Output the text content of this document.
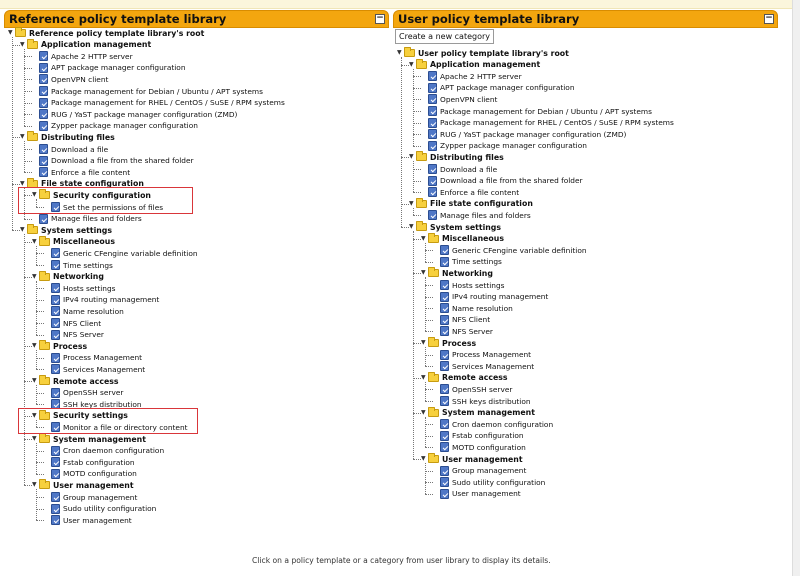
Reference policy template library	−
▼ Reference policy template library's root
▼ Application management
Apache 2 HTTP server
APT package manager configuration
OpenVPN client
Package management for Debian / Ubuntu / APT systems
Package management for RHEL / CentOS / SuSE / RPM systems
RUG / YaST package manager configuration (ZMD)
Zypper package manager configuration
▼ Distributing files
Download a file
Download a file from the shared folder
Enforce a file content
▼ File state configuration
▼ Security configuration
Set the permissions of files
Manage files and folders
▼ System settings
▼ Miscellaneous
Generic CFengine variable definition
Time settings
▼ Networking
Hosts settings
IPv4 routing management
Name resolution
NFS Client
NFS Server
▼ Process
Process Management
Services Management
▼ Remote access
OpenSSH server
SSH keys distribution
▼ Security settings
Monitor a file or directory content
▼ System management
Cron daemon configuration
Fstab configuration
MOTD configuration
▼ User management
Group management
Sudo utility configuration
User management
User policy template library	−
Create a new category
▼ User policy template library's root
▼ Application management
Apache 2 HTTP server
APT package manager configuration
OpenVPN client
Package management for Debian / Ubuntu / APT systems
Package management for RHEL / CentOS / SuSE / RPM systems
RUG / YaST package manager configuration (ZMD)
Zypper package manager configuration
▼ Distributing files
Download a file
Download a file from the shared folder
Enforce a file content
▼ File state configuration
Manage files and folders
▼ System settings
▼ Miscellaneous
Generic CFengine variable definition
Time settings
▼ Networking
Hosts settings
IPv4 routing management
Name resolution
NFS Client
NFS Server
▼ Process
Process Management
Services Management
▼ Remote access
OpenSSH server
SSH keys distribution
▼ System management
Cron daemon configuration
Fstab configuration
MOTD configuration
▼ User management
Group management
Sudo utility configuration
User management
Click on a policy template or a category from user library to display its details.
